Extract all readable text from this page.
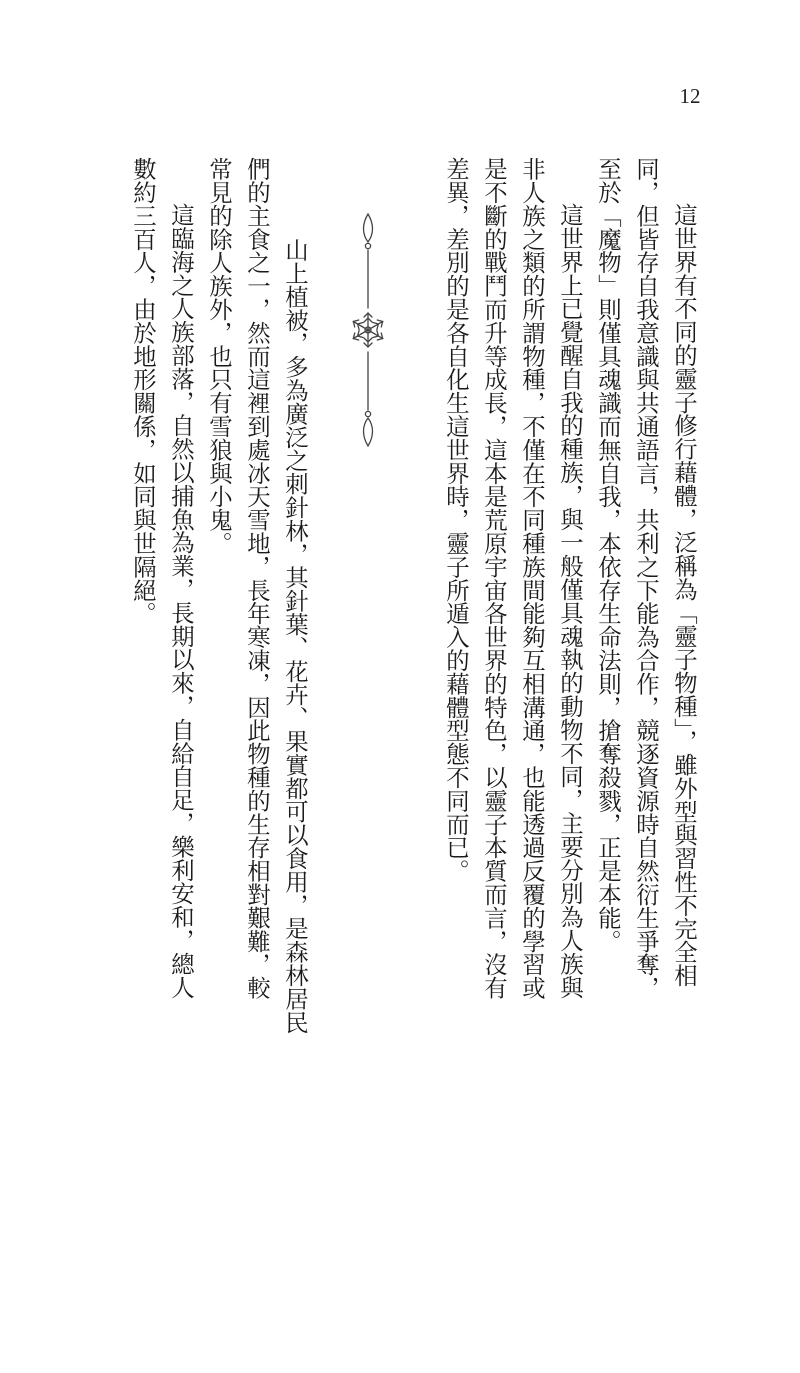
12
這世界有不同的靈子修行藉體，泛稱為「靈子物種」，雖外型與習性不完全相
同，但皆存自我意識與共通語言，共利之下能為合作，競逐資源時自然衍生爭奪，
至於「魔物」則僅具魂識而無自我，本依存生命法則，搶奪殺戮，正是本能。
這世界上已覺醒自我的種族，與一般僅具魂執的動物不同，主要分別為人族與
非人族之類的所謂物種，不僅在不同種族間能夠互相溝通，也能透過反覆的學習或
是不斷的戰鬥而升等成長，這本是荒原宇宙各世界的特色，以靈子本質而言，沒有
差異，差別的是各自化生這世界時，靈子所遁入的藉體型態不同而已。
山上植被，多為廣泛之刺針林，其針葉、花卉、果實都可以食用，是森林居民
們的主食之一，然而這裡到處冰天雪地，長年寒凍，因此物種的生存相對艱難，較
常見的除人族外，也只有雪狼與小鬼。
這臨海之人族部落，自然以捕魚為業，長期以來，自給自足，樂利安和，總人
數約三百人，由於地形關係，如同與世隔絕。
